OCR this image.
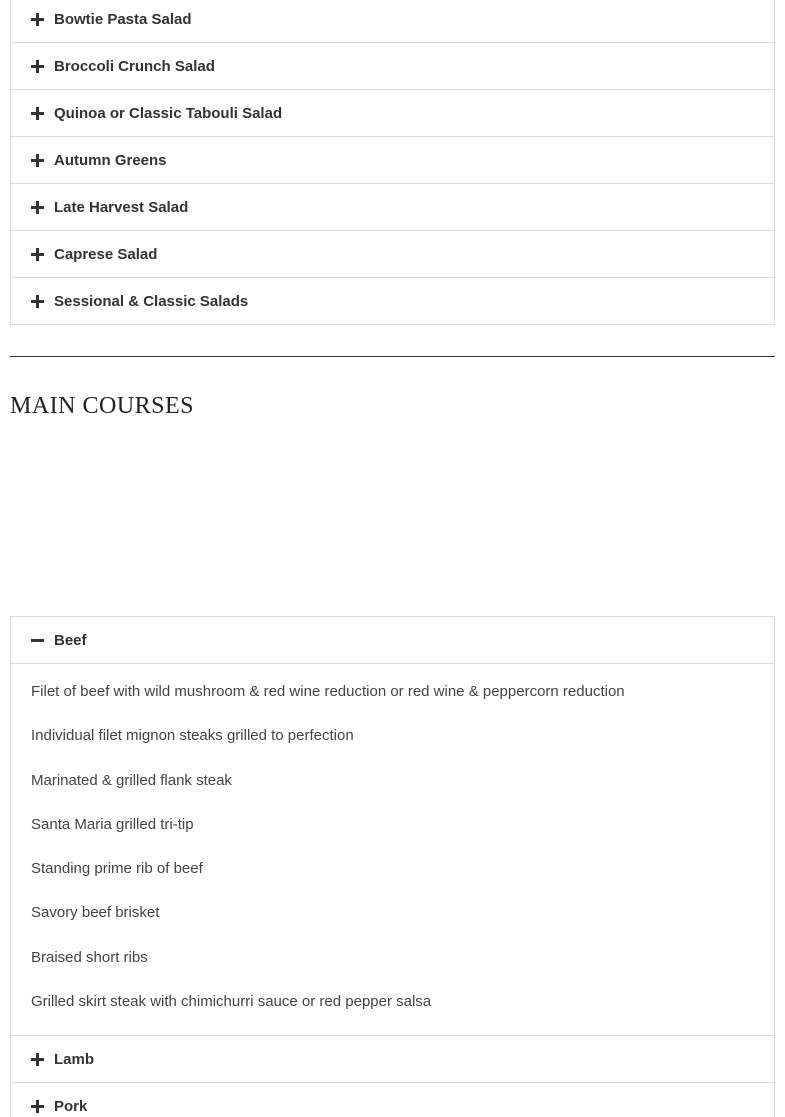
Bowtie Pasta Salad
Broccoli Crunch Salad
Quinoa or Classic Tabouli Salad
Autumn Greens
Late Harvest Salad
Caprese Salad
Sessional & Classic Salads
MAIN COURSES
Beef

Filet of beef with wild mushroom & red wine reduction or red wine & peppercorn reduction

Individual filet mignon steaks grilled to perfection

Marinated & grilled flank steak

Santa Maria grilled tri-tip

Standing prime rib of beef

Savory beef brisket

Braised short ribs

Grilled skirt steak with chimichurri sauce or red pepper salsa

Lamb
Pork
